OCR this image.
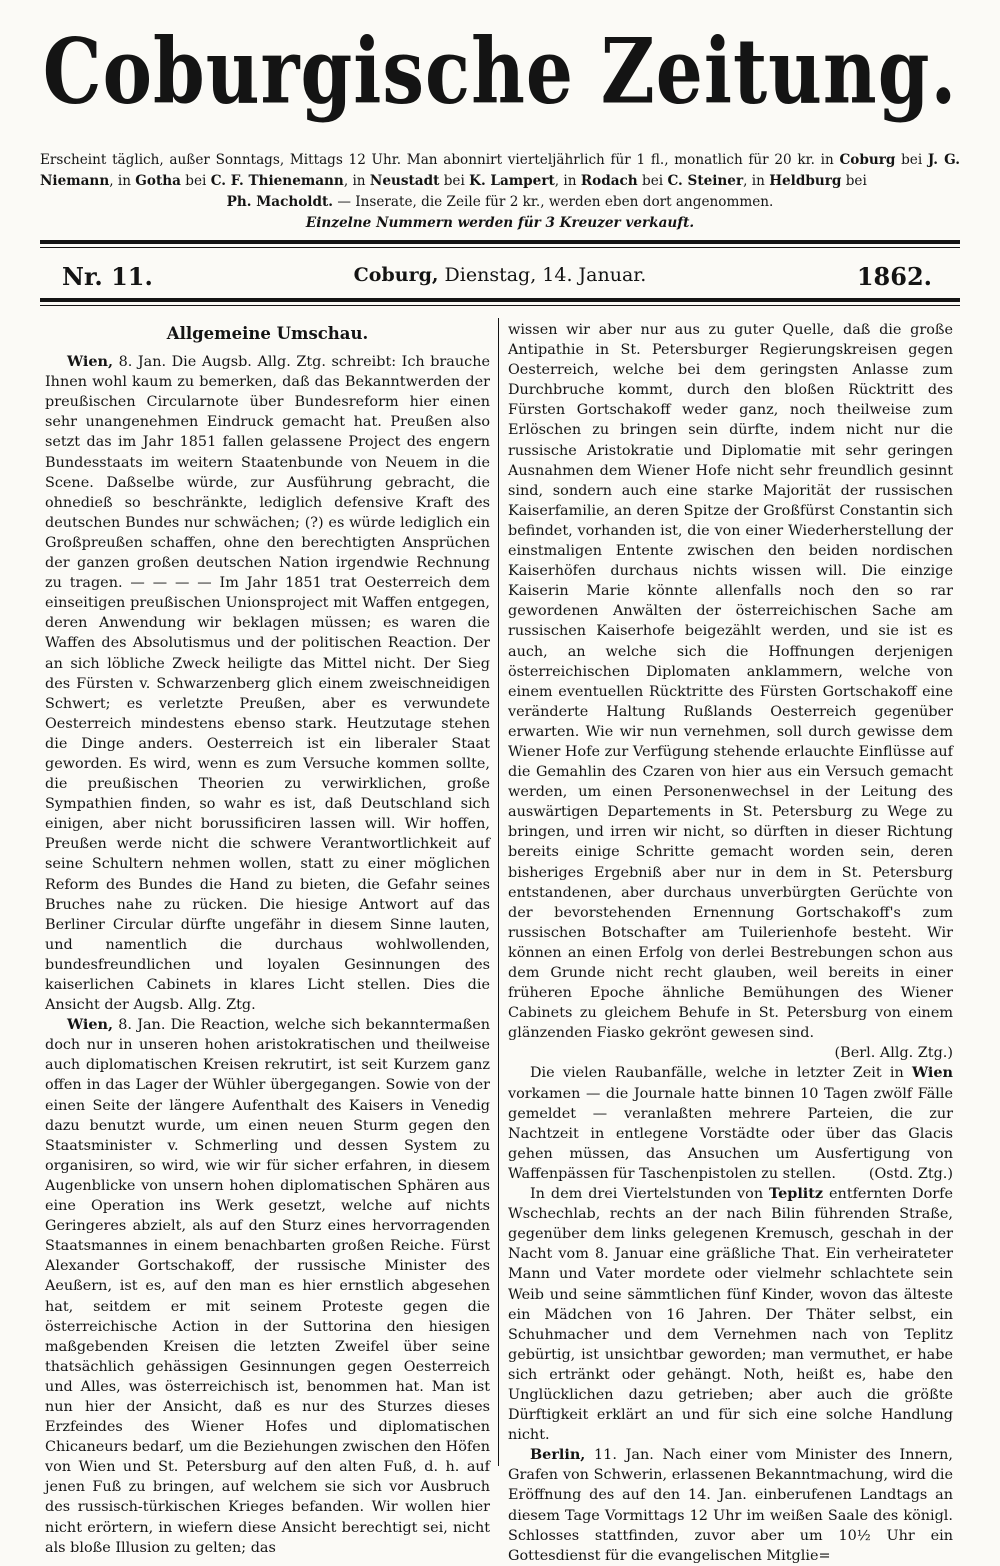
Coburgische Zeitung.
Erscheint täglich, außer Sonntags, Mittags 12 Uhr. Man abonnirt vierteljährlich für 1 fl., monatlich für 20 kr. in Coburg bei J. G. Niemann, in Gotha bei C. F. Thienemann, in Neustadt bei K. Lampert, in Rodach bei C. Steiner, in Heldburg bei
Ph. Macholdt. — Inserate, die Zeile für 2 kr., werden eben dort angenommen.
Einzelne Nummern werden für 3 Kreuzer verkauft.
Nr. 11.	Coburg, Dienstag, 14. Januar.	1862.
Allgemeine Umschau.

Wien, 8. Jan. Die Augsb. Allg. Ztg. schreibt: Ich brauche Ihnen wohl kaum zu bemerken, daß das Bekanntwerden der preußischen Circularnote über Bundesreform hier einen sehr unangenehmen Eindruck gemacht hat. Preußen also setzt das im Jahr 1851 fallen gelassene Project des engern Bundesstaats im weitern Staatenbunde von Neuem in die Scene. Daßselbe würde, zur Ausführung gebracht, die ohnedieß so beschränkte, lediglich defensive Kraft des deutschen Bundes nur schwächen; (?) es würde lediglich ein Großpreußen schaffen, ohne den berechtigten Ansprüchen der ganzen großen deutschen Nation irgendwie Rechnung zu tragen. — — — — Im Jahr 1851 trat Oesterreich dem einseitigen preußischen Unionsproject mit Waffen entgegen, deren Anwendung wir beklagen müssen; es waren die Waffen des Absolutismus und der politischen Reaction. Der an sich löbliche Zweck heiligte das Mittel nicht. Der Sieg des Fürsten v. Schwarzenberg glich einem zweischneidigen Schwert; es verletzte Preußen, aber es verwundete Oesterreich mindestens ebenso stark. Heutzutage stehen die Dinge anders. Oesterreich ist ein liberaler Staat geworden. Es wird, wenn es zum Versuche kommen sollte, die preußischen Theorien zu verwirklichen, große Sympathien finden, so wahr es ist, daß Deutschland sich einigen, aber nicht borussificiren lassen will. Wir hoffen, Preußen werde nicht die schwere Verantwortlichkeit auf seine Schultern nehmen wollen, statt zu einer möglichen Reform des Bundes die Hand zu bieten, die Gefahr seines Bruches nahe zu rücken. Die hiesige Antwort auf das Berliner Circular dürfte ungefähr in diesem Sinne lauten, und namentlich die durchaus wohlwollenden, bundesfreundlichen und loyalen Gesinnungen des kaiserlichen Cabinets in klares Licht stellen. Dies die Ansicht der Augsb. Allg. Ztg.

Wien, 8. Jan. Die Reaction, welche sich bekanntermaßen doch nur in unseren hohen aristokratischen und theilweise auch diplomatischen Kreisen rekrutirt, ist seit Kurzem ganz offen in das Lager der Wühler übergegangen. Sowie von der einen Seite der längere Aufenthalt des Kaisers in Venedig dazu benutzt wurde, um einen neuen Sturm gegen den Staatsminister v. Schmerling und dessen System zu organisiren, so wird, wie wir für sicher erfahren, in diesem Augenblicke von unsern hohen diplomatischen Sphären aus eine Operation ins Werk gesetzt, welche auf nichts Geringeres abzielt, als auf den Sturz eines hervorragenden Staatsmannes in einem benachbarten großen Reiche. Fürst Alexander Gortschakoff, der russische Minister des Aeußern, ist es, auf den man es hier ernstlich abgesehen hat, seitdem er mit seinem Proteste gegen die österreichische Action in der Suttorina den hiesigen maßgebenden Kreisen die letzten Zweifel über seine thatsächlich gehässigen Gesinnungen gegen Oesterreich und Alles, was österreichisch ist, benommen hat. Man ist nun hier der Ansicht, daß es nur des Sturzes dieses Erzfeindes des Wiener Hofes und diplomatischen Chicaneurs bedarf, um die Beziehungen zwischen den Höfen von Wien und St. Petersburg auf den alten Fuß, d. h. auf jenen Fuß zu bringen, auf welchem sie sich vor Ausbruch des russisch-türkischen Krieges befanden. Wir wollen hier nicht erörtern, in wiefern diese Ansicht berechtigt sei, nicht als bloße Illusion zu gelten; das

wissen wir aber nur aus zu guter Quelle, daß die große Antipathie in St. Petersburger Regierungskreisen gegen Oesterreich, welche bei dem geringsten Anlasse zum Durchbruche kommt, durch den bloßen Rücktritt des Fürsten Gortschakoff weder ganz, noch theilweise zum Erlöschen zu bringen sein dürfte, indem nicht nur die russische Aristokratie und Diplomatie mit sehr geringen Ausnahmen dem Wiener Hofe nicht sehr freundlich gesinnt sind, sondern auch eine starke Majorität der russischen Kaiserfamilie, an deren Spitze der Großfürst Constantin sich befindet, vorhanden ist, die von einer Wiederherstellung der einstmaligen Entente zwischen den beiden nordischen Kaiserhöfen durchaus nichts wissen will. Die einzige Kaiserin Marie könnte allenfalls noch den so rar gewordenen Anwälten der österreichischen Sache am russischen Kaiserhofe beigezählt werden, und sie ist es auch, an welche sich die Hoffnungen derjenigen österreichischen Diplomaten anklammern, welche von einem eventuellen Rücktritte des Fürsten Gortschakoff eine veränderte Haltung Rußlands Oesterreich gegenüber erwarten. Wie wir nun vernehmen, soll durch gewisse dem Wiener Hofe zur Verfügung stehende erlauchte Einflüsse auf die Gemahlin des Czaren von hier aus ein Versuch gemacht werden, um einen Personenwechsel in der Leitung des auswärtigen Departements in St. Petersburg zu Wege zu bringen, und irren wir nicht, so dürften in dieser Richtung bereits einige Schritte gemacht worden sein, deren bisheriges Ergebniß aber nur in dem in St. Petersburg entstandenen, aber durchaus unverbürgten Gerüchte von der bevorstehenden Ernennung Gortschakoff's zum russischen Botschafter am Tuilerienhofe besteht. Wir können an einen Erfolg von derlei Bestrebungen schon aus dem Grunde nicht recht glauben, weil bereits in einer früheren Epoche ähnliche Bemühungen des Wiener Cabinets zu gleichem Behufe in St. Petersburg von einem glänzenden Fiasko gekrönt gewesen sind.

(Berl. Allg. Ztg.)

Die vielen Raubanfälle, welche in letzter Zeit in Wien vorkamen — die Journale hatte binnen 10 Tagen zwölf Fälle gemeldet — veranlaßten mehrere Parteien, die zur Nachtzeit in entlegene Vorstädte oder über das Glacis gehen müssen, das Ansuchen um Ausfertigung von Waffenpässen für Taschenpistolen zu stellen.	(Ostd. Ztg.)

In dem drei Viertelstunden von Teplitz entfernten Dorfe Wschechlab, rechts an der nach Bilin führenden Straße, gegenüber dem links gelegenen Kremusch, geschah in der Nacht vom 8. Januar eine gräßliche That. Ein verheirateter Mann und Vater mordete oder vielmehr schlachtete sein Weib und seine sämmtlichen fünf Kinder, wovon das älteste ein Mädchen von 16 Jahren. Der Thäter selbst, ein Schuhmacher und dem Vernehmen nach von Teplitz gebürtig, ist unsichtbar geworden; man vermuthet, er habe sich ertränkt oder gehängt. Noth, heißt es, habe den Unglücklichen dazu getrieben; aber auch die größte Dürftigkeit erklärt an und für sich eine solche Handlung nicht.

Berlin, 11. Jan. Nach einer vom Minister des Innern, Grafen von Schwerin, erlassenen Bekanntmachung, wird die Eröffnung des auf den 14. Jan. einberufenen Landtags an diesem Tage Vormittags 12 Uhr im weißen Saale des königl. Schlosses stattfinden, zuvor aber um 10½ Uhr ein Gottesdienst für die evangelischen Mitglie=
